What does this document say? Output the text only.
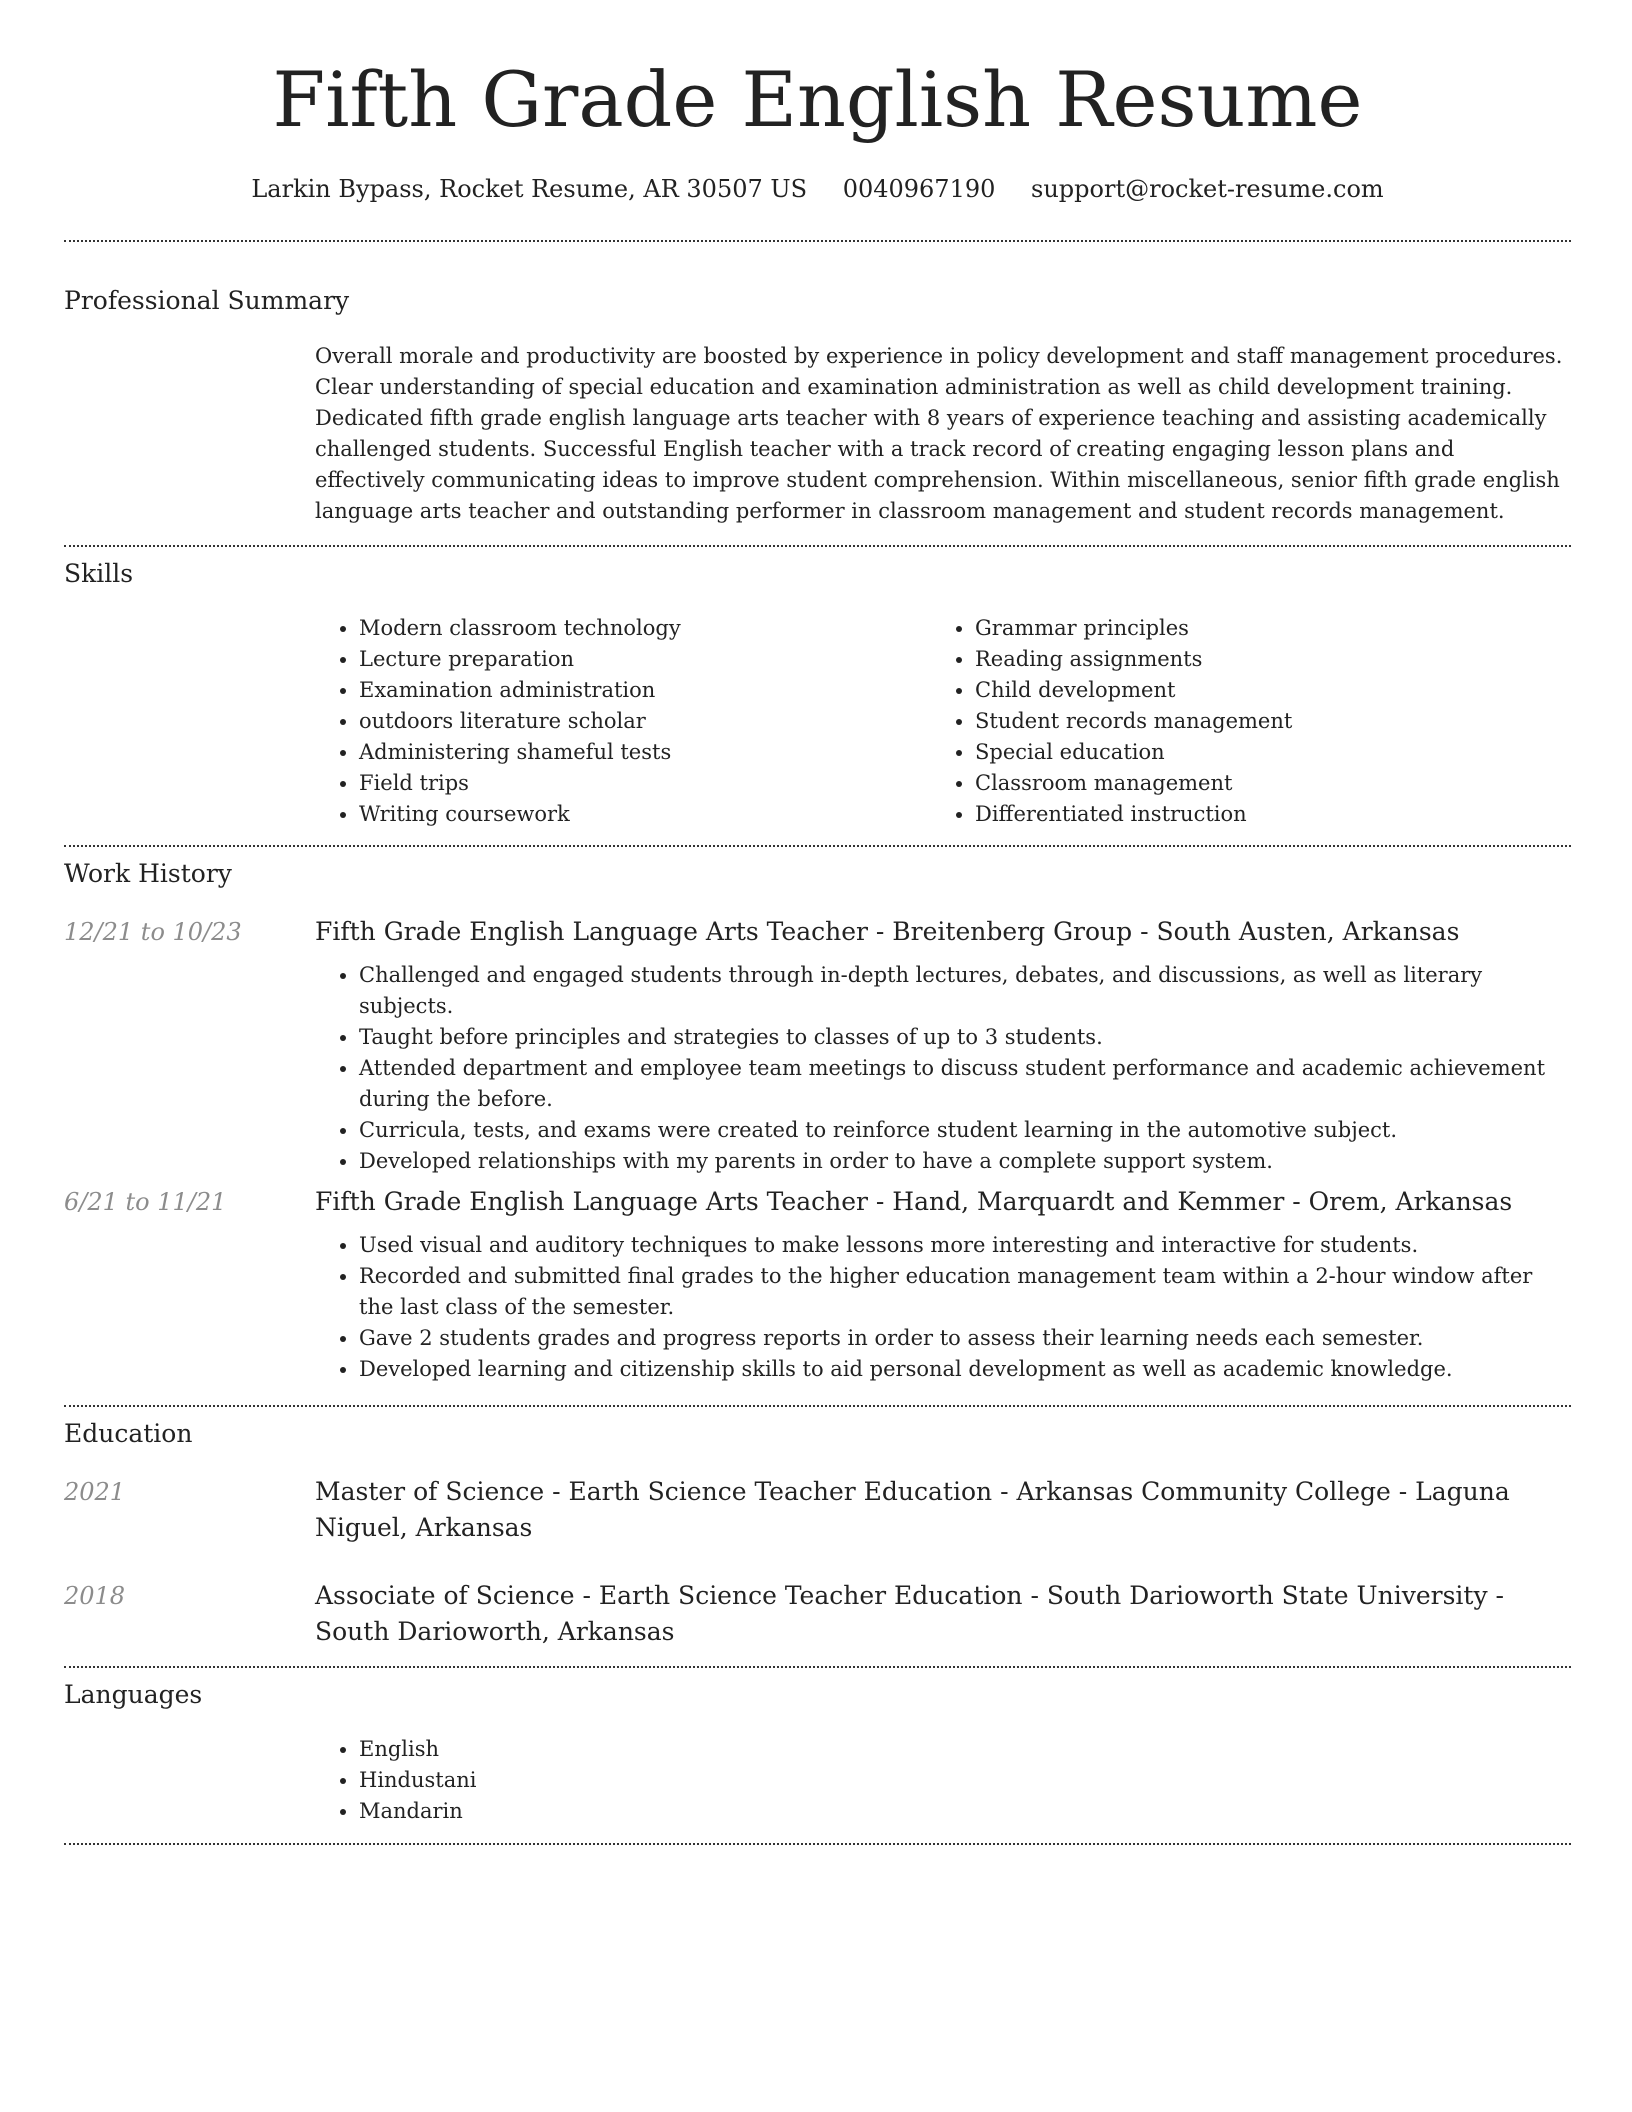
Fifth Grade English Resume
Larkin Bypass, Rocket Resume, AR 30507 US 0040967190 support@rocket-resume.com
Professional Summary

Overall morale and productivity are boosted by experience in policy development and staff management procedures. Clear understanding of special education and examination administration as well as child development training. Dedicated fifth grade english language arts teacher with 8 years of experience teaching and assisting academically challenged students. Successful English teacher with a track record of creating engaging lesson plans and effectively communicating ideas to improve student comprehension. Within miscellaneous, senior fifth grade english language arts teacher and outstanding performer in classroom management and student records management.

Skills
• Modern classroom technology
• Lecture preparation
• Examination administration
• outdoors literature scholar
• Administering shameful tests
• Field trips
• Writing coursework
• Grammar principles
• Reading assignments
• Child development
• Student records management
• Special education
• Classroom management
• Differentiated instruction
Work History
12/21 to 10/23	Fifth Grade English Language Arts Teacher - Breitenberg Group - South Austen, Arkansas
• Challenged and engaged students through in-depth lectures, debates, and discussions, as well as literary subjects.
• Taught before principles and strategies to classes of up to 3 students.
• Attended department and employee team meetings to discuss student performance and academic achievement during the before.
• Curricula, tests, and exams were created to reinforce student learning in the automotive subject.
• Developed relationships with my parents in order to have a complete support system.
6/21 to 11/21	Fifth Grade English Language Arts Teacher - Hand, Marquardt and Kemmer - Orem, Arkansas
• Used visual and auditory techniques to make lessons more interesting and interactive for students.
• Recorded and submitted final grades to the higher education management team within a 2-hour window after the last class of the semester.
• Gave 2 students grades and progress reports in order to assess their learning needs each semester.
• Developed learning and citizenship skills to aid personal development as well as academic knowledge.
Education
2021	Master of Science - Earth Science Teacher Education - Arkansas Community College - Laguna Niguel, Arkansas
2018	Associate of Science - Earth Science Teacher Education - South Darioworth State University - South Darioworth, Arkansas
Languages
• English
• Hindustani
• Mandarin
